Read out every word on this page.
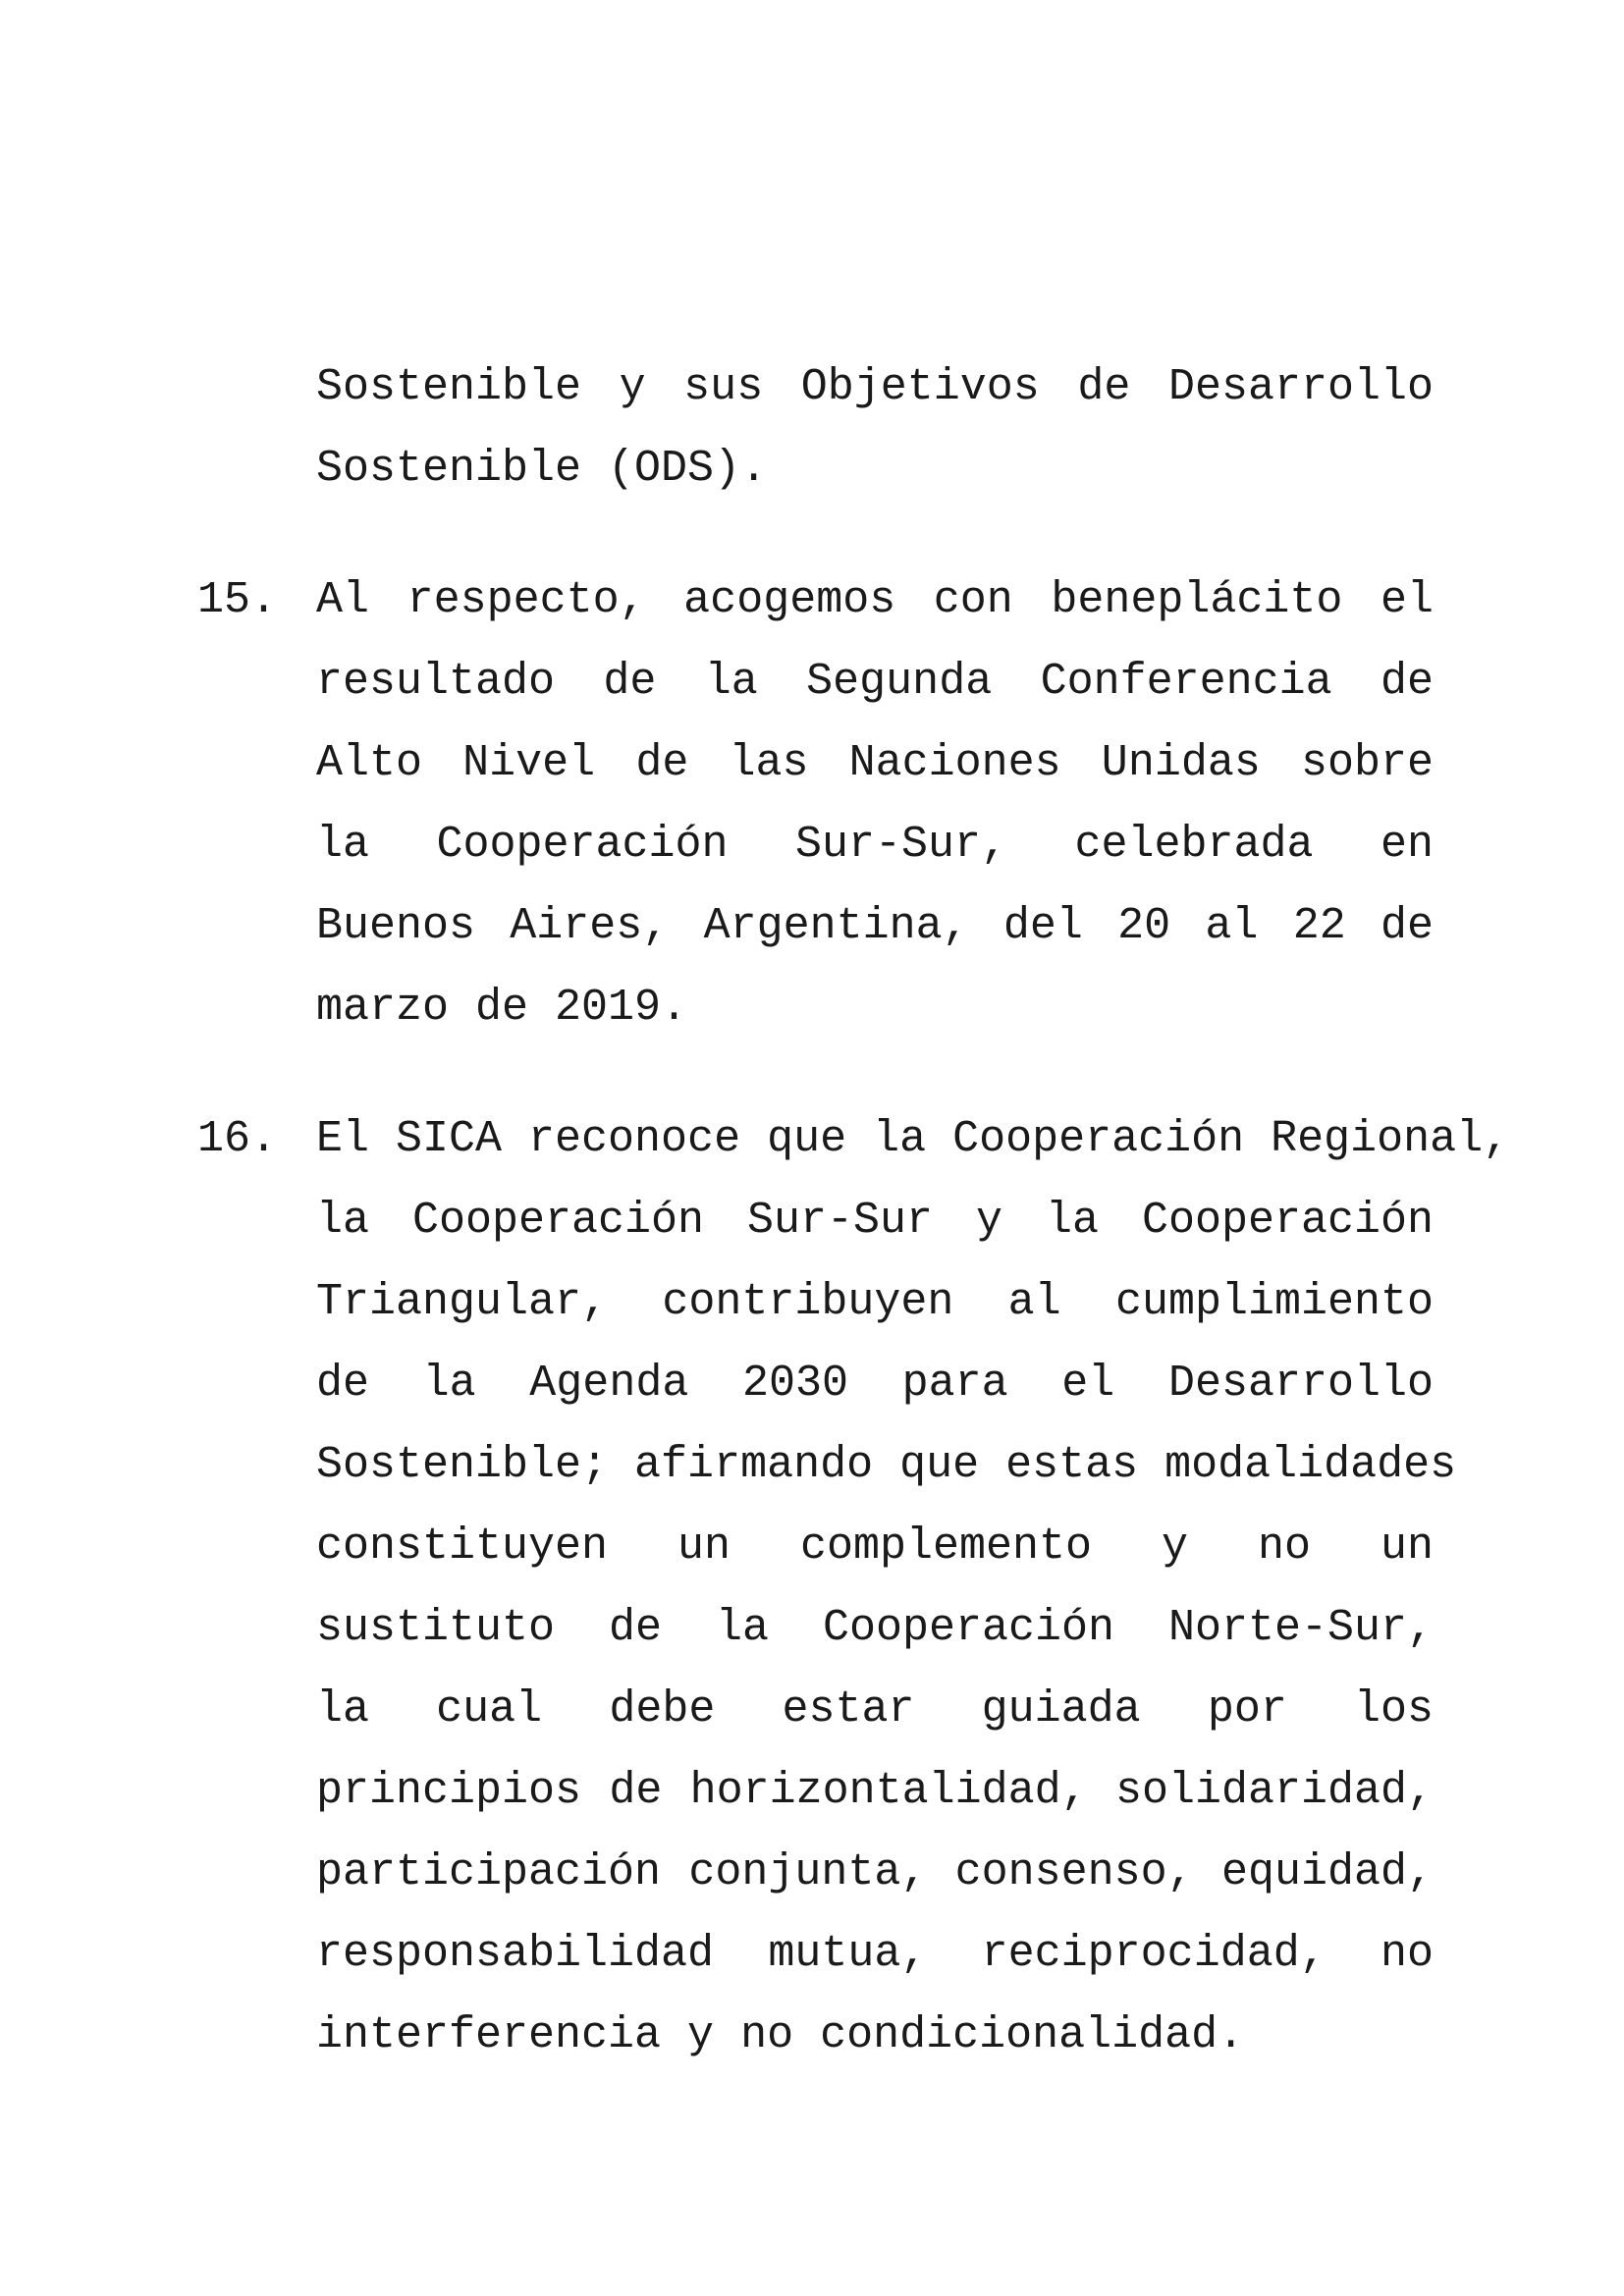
Sostenible y sus Objetivos de Desarrollo
Sostenible (ODS).
15. Al respecto, acogemos con beneplácito el
resultado de la Segunda Conferencia de
Alto Nivel de las Naciones Unidas sobre
la Cooperación Sur-Sur, celebrada en
Buenos Aires, Argentina, del 20 al 22 de
marzo de 2019.
16. El SICA reconoce que la Cooperación Regional,
la Cooperación Sur-Sur y la Cooperación
Triangular, contribuyen al cumplimiento
de la Agenda 2030 para el Desarrollo
Sostenible; afirmando que estas modalidades
constituyen un complemento y no un
sustituto de la Cooperación Norte-Sur,
la cual debe estar guiada por los
principios de horizontalidad, solidaridad,
participación conjunta, consenso, equidad,
responsabilidad mutua, reciprocidad, no
interferencia y no condicionalidad.
